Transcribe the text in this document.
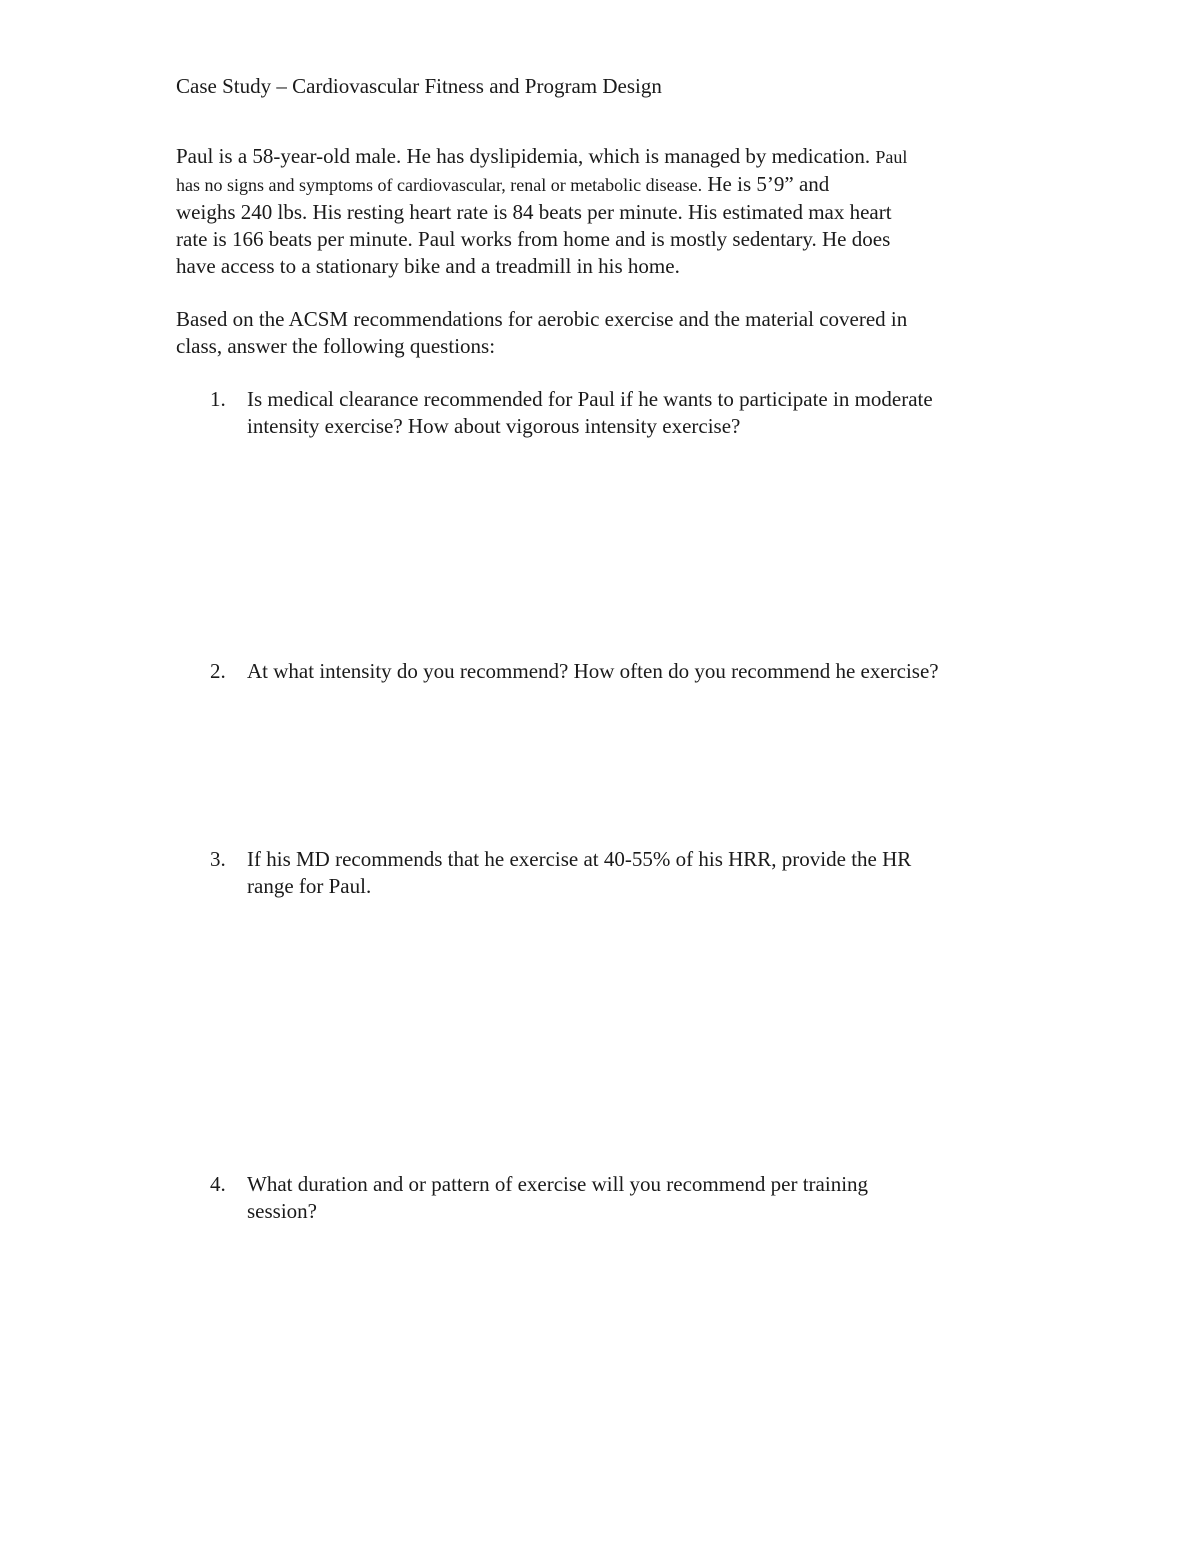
Case Study – Cardiovascular Fitness and Program Design
Paul is a 58-year-old male. He has dyslipidemia, which is managed by medication. Paul
has no signs and symptoms of cardiovascular, renal or metabolic disease. He is 5’9” and
weighs 240 lbs. His resting heart rate is 84 beats per minute. His estimated max heart
rate is 166 beats per minute. Paul works from home and is mostly sedentary. He does
have access to a stationary bike and a treadmill in his home.
Based on the ACSM recommendations for aerobic exercise and the material covered in
class, answer the following questions:
1. Is medical clearance recommended for Paul if he wants to participate in moderate
intensity exercise? How about vigorous intensity exercise?
2. At what intensity do you recommend? How often do you recommend he exercise?
3. If his MD recommends that he exercise at 40-55% of his HRR, provide the HR
range for Paul.
4. What duration and or pattern of exercise will you recommend per training
session?
